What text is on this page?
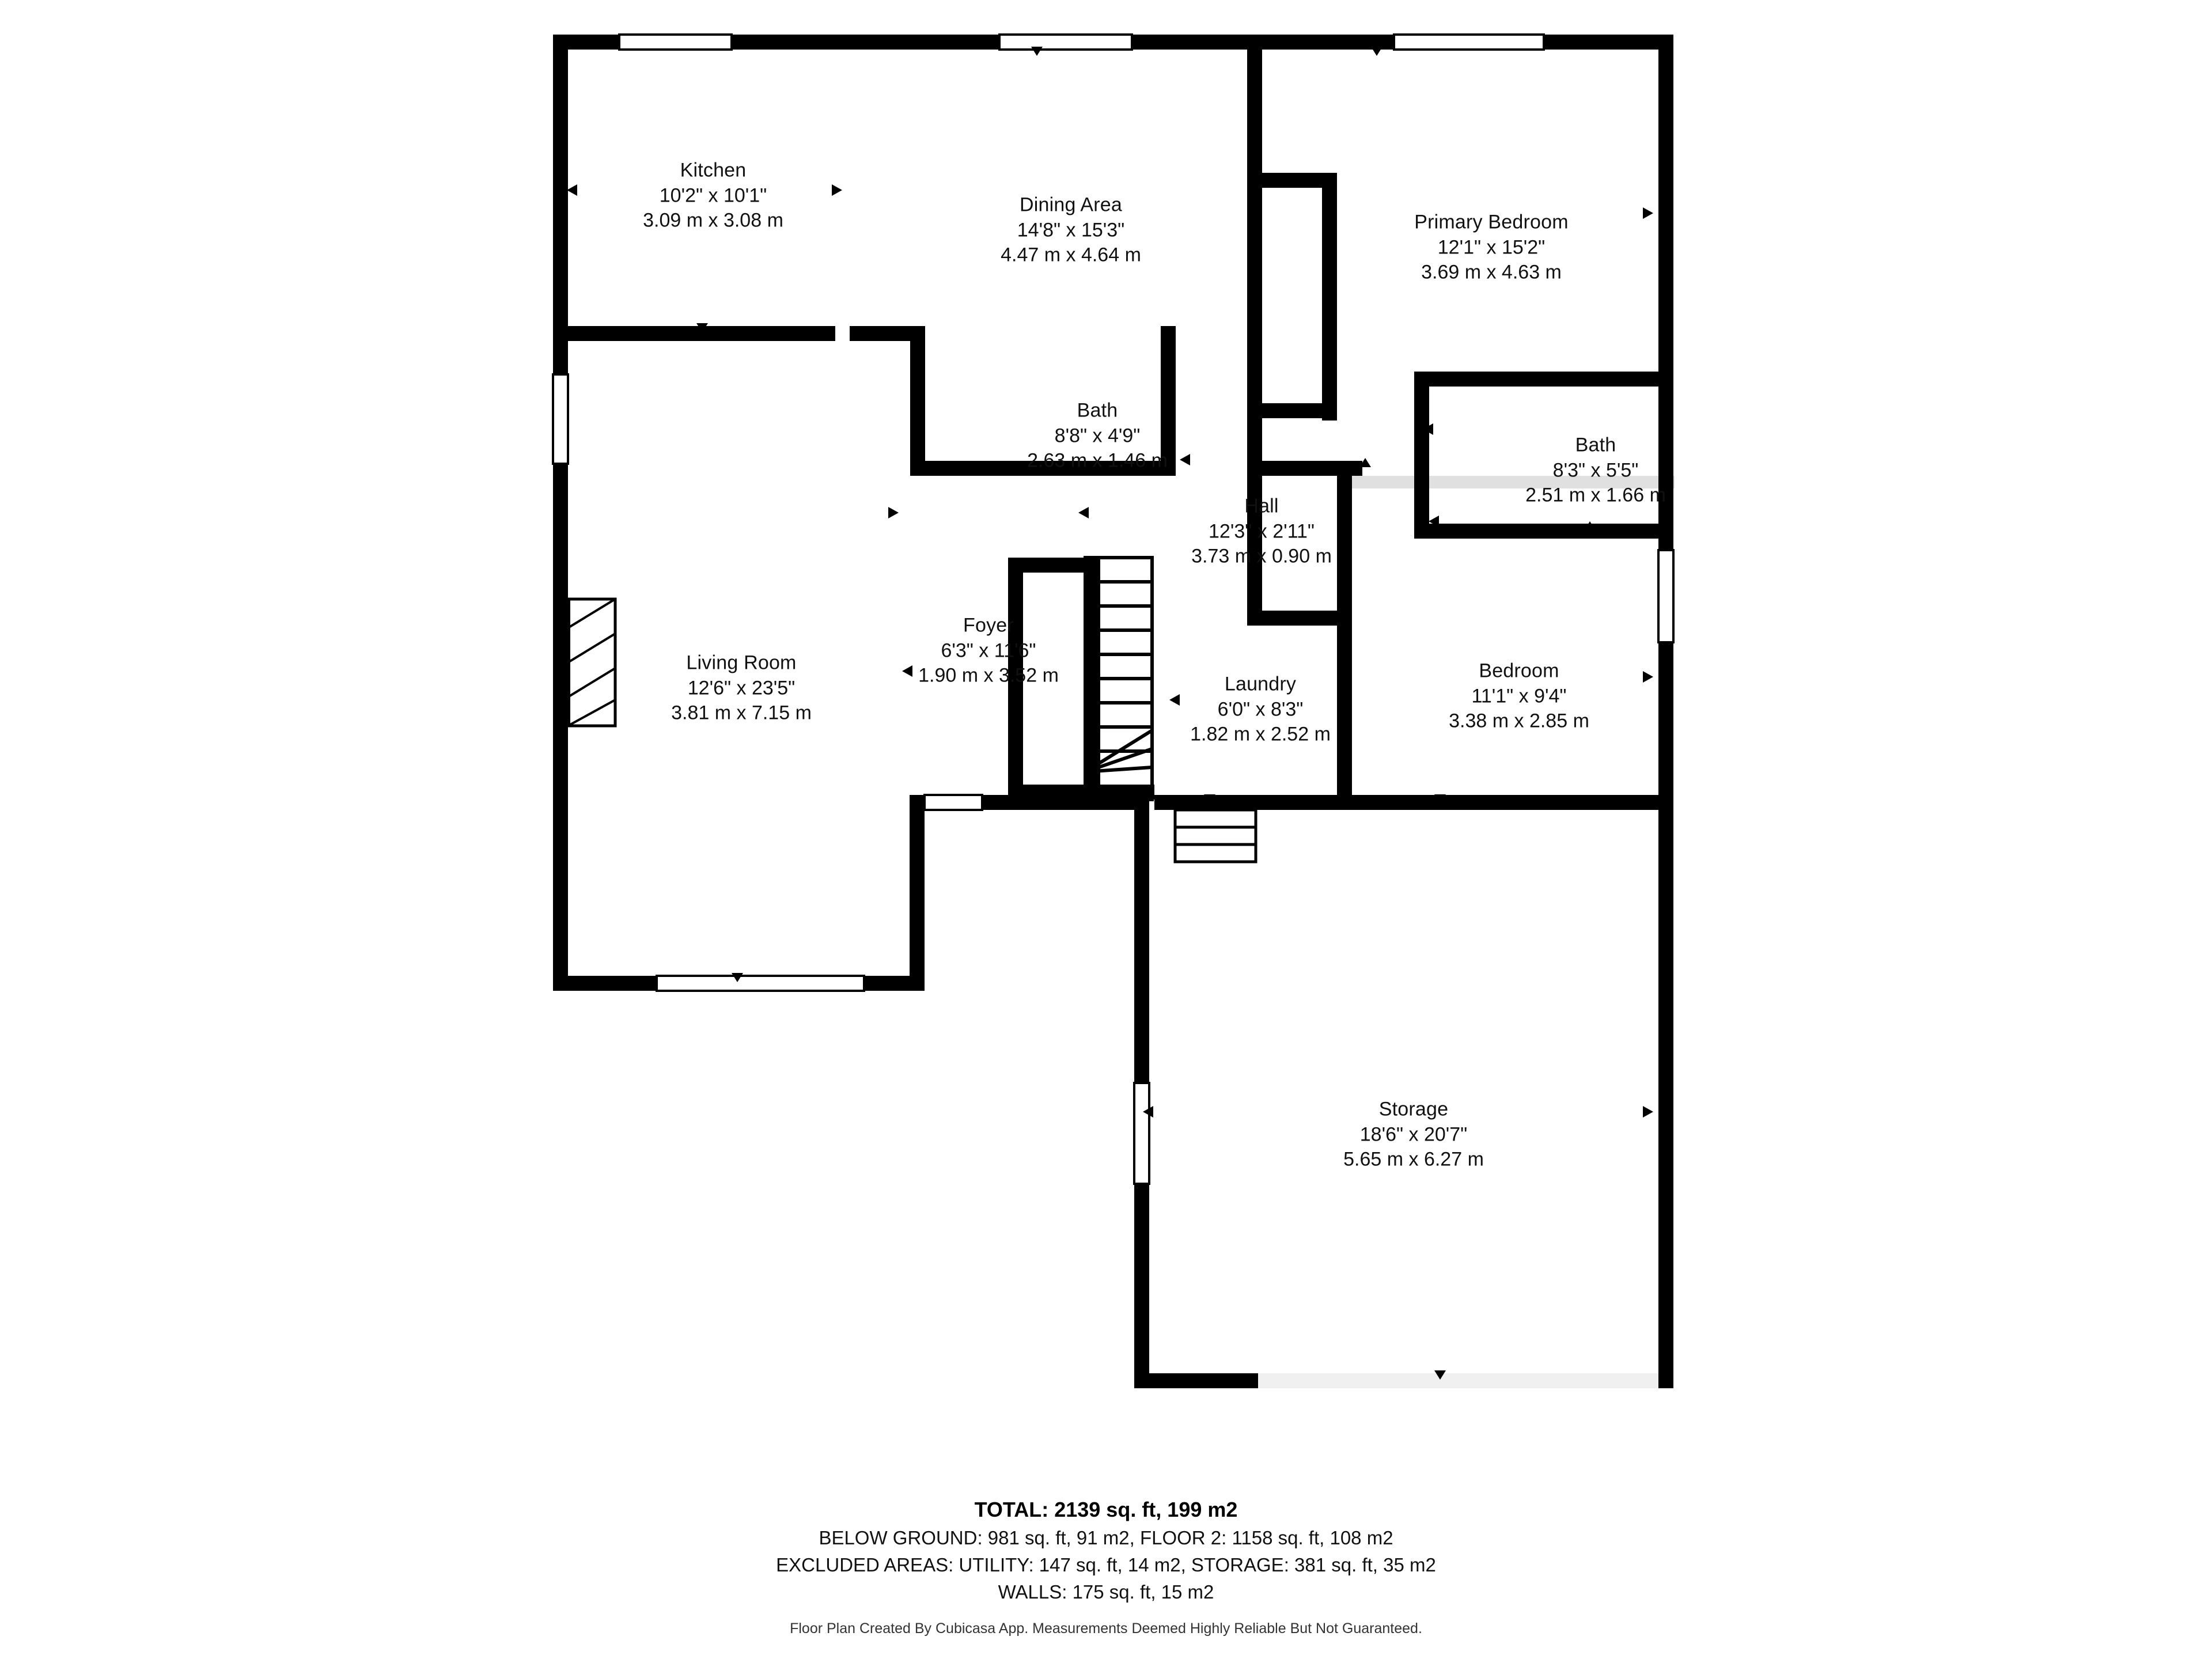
Kitchen
10'2" x 10'1"
3.09 m x 3.08 m
Dining Area
14'8" x 15'3"
4.47 m x 4.64 m
Primary Bedroom
12'1" x 15'2"
3.69 m x 4.63 m
Bath
8'8" x 4'9"
2.63 m x 1.46 m
Bath
8'3" x 5'5"
2.51 m x 1.66 m
Hall
12'3" x 2'11"
3.73 m x 0.90 m
Foyer
6'3" x 11'6"
1.90 m x 3.52 m
Living Room
12'6" x 23'5"
3.81 m x 7.15 m
Laundry
6'0" x 8'3"
1.82 m x 2.52 m
Bedroom
11'1" x 9'4"
3.38 m x 2.85 m
Storage
18'6" x 20'7"
5.65 m x 6.27 m
TOTAL: 2139 sq. ft, 199 m2
BELOW GROUND: 981 sq. ft, 91 m2, FLOOR 2: 1158 sq. ft, 108 m2
EXCLUDED AREAS: UTILITY: 147 sq. ft, 14 m2, STORAGE: 381 sq. ft, 35 m2
WALLS: 175 sq. ft, 15 m2
Floor Plan Created By Cubicasa App. Measurements Deemed Highly Reliable But Not Guaranteed.
